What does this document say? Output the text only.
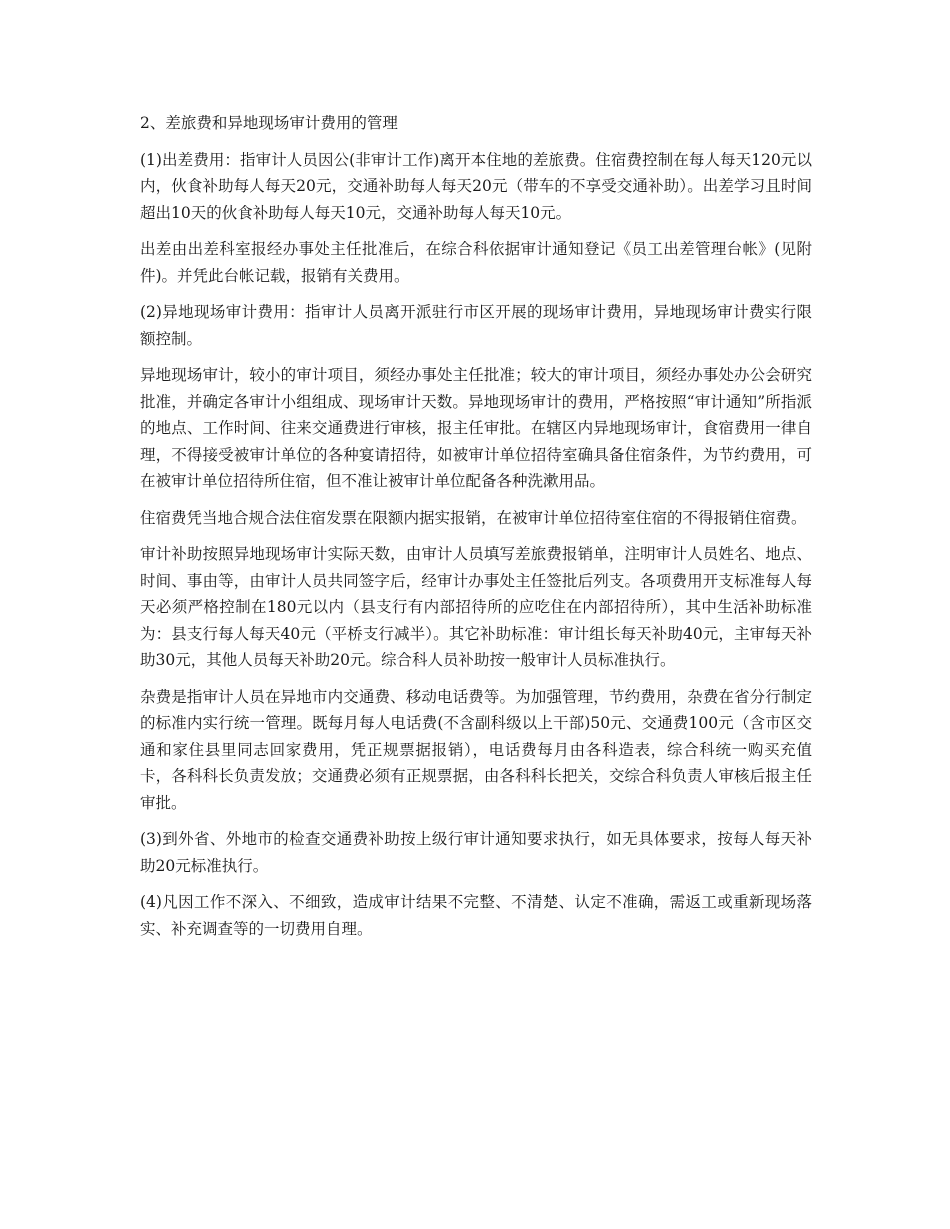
2、差旅费和异地现场审计费用的管理

(1)出差费用：指审计人员因公(非审计工作)离开本住地的差旅费。住宿费控制在每人每天120元以内，伙食补助每人每天20元，交通补助每人每天20元（带车的不享受交通补助）。出差学习且时间超出10天的伙食补助每人每天10元，交通补助每人每天10元。

出差由出差科室报经办事处主任批准后，在综合科依据审计通知登记《员工出差管理台帐》(见附件)。并凭此台帐记载，报销有关费用。

(2)异地现场审计费用：指审计人员离开派驻行市区开展的现场审计费用，异地现场审计费实行限额控制。

异地现场审计，较小的审计项目，须经办事处主任批准；较大的审计项目，须经办事处办公会研究批准，并确定各审计小组组成、现场审计天数。异地现场审计的费用，严格按照“审计通知”所指派的地点、工作时间、往来交通费进行审核，报主任审批。在辖区内异地现场审计，食宿费用一律自理，不得接受被审计单位的各种宴请招待，如被审计单位招待室确具备住宿条件，为节约费用，可在被审计单位招待所住宿，但不准让被审计单位配备各种洗漱用品。

住宿费凭当地合规合法住宿发票在限额内据实报销，在被审计单位招待室住宿的不得报销住宿费。

审计补助按照异地现场审计实际天数，由审计人员填写差旅费报销单，注明审计人员姓名、地点、时间、事由等，由审计人员共同签字后，经审计办事处主任签批后列支。各项费用开支标准每人每天必须严格控制在180元以内（县支行有内部招待所的应吃住在内部招待所），其中生活补助标准为：县支行每人每天40元（平桥支行减半）。其它补助标准：审计组长每天补助40元，主审每天补助30元，其他人员每天补助20元。综合科人员补助按一般审计人员标准执行。

杂费是指审计人员在异地市内交通费、移动电话费等。为加强管理，节约费用，杂费在省分行制定的标准内实行统一管理。既每月每人电话费(不含副科级以上干部)50元、交通费100元（含市区交通和家住县里同志回家费用，凭正规票据报销），电话费每月由各科造表，综合科统一购买充值卡，各科科长负责发放；交通费必须有正规票据，由各科科长把关，交综合科负责人审核后报主任审批。

(3)到外省、外地市的检查交通费补助按上级行审计通知要求执行，如无具体要求，按每人每天补助20元标准执行。

(4)凡因工作不深入、不细致，造成审计结果不完整、不清楚、认定不准确，需返工或重新现场落实、补充调查等的一切费用自理。
